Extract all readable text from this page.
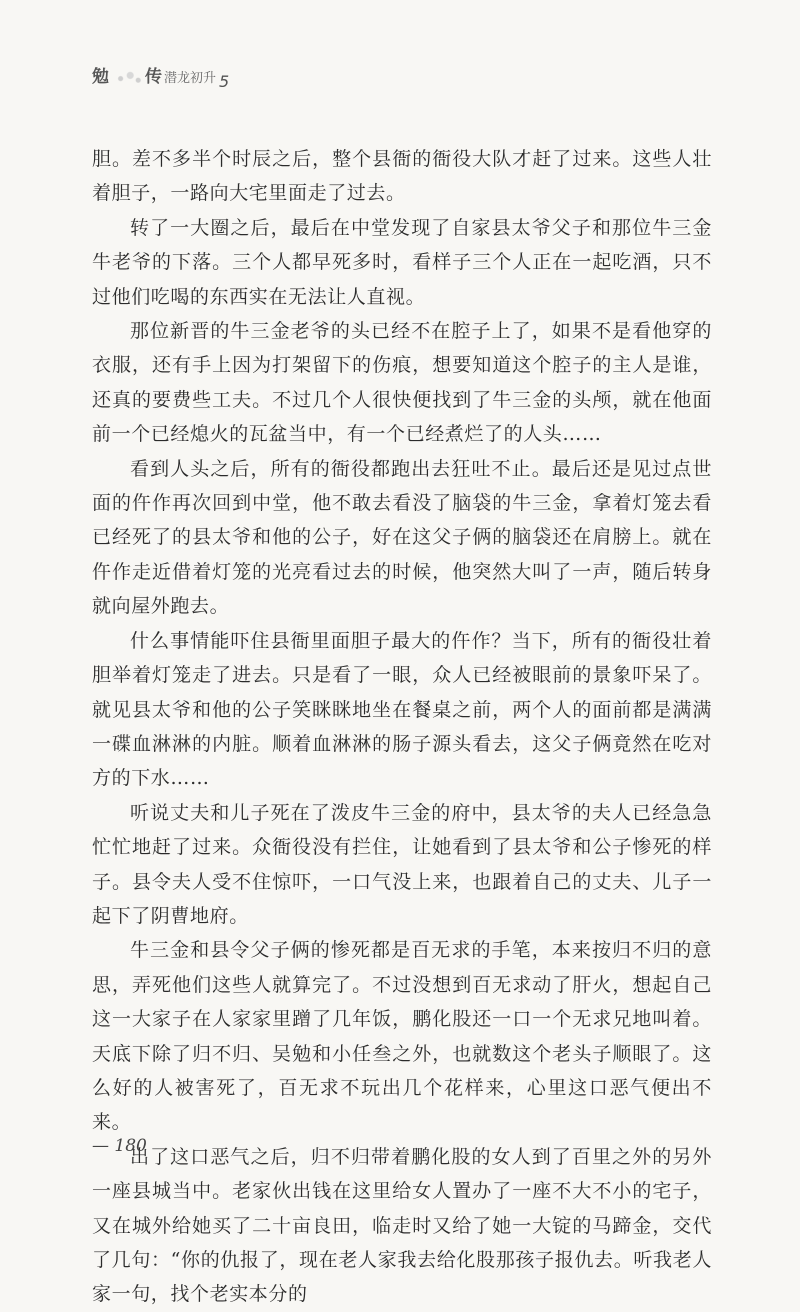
勉 传 潜龙初升 5

胆。差不多半个时辰之后，整个县衙的衙役大队才赶了过来。这些人壮着胆子，一路向大宅里面走了过去。

转了一大圈之后，最后在中堂发现了自家县太爷父子和那位牛三金牛老爷的下落。三个人都早死多时，看样子三个人正在一起吃酒，只不过他们吃喝的东西实在无法让人直视。

那位新晋的牛三金老爷的头已经不在腔子上了，如果不是看他穿的衣服，还有手上因为打架留下的伤痕，想要知道这个腔子的主人是谁，还真的要费些工夫。不过几个人很快便找到了牛三金的头颅，就在他面前一个已经熄火的瓦盆当中，有一个已经煮烂了的人头……

看到人头之后，所有的衙役都跑出去狂吐不止。最后还是见过点世面的仵作再次回到中堂，他不敢去看没了脑袋的牛三金，拿着灯笼去看已经死了的县太爷和他的公子，好在这父子俩的脑袋还在肩膀上。就在仵作走近借着灯笼的光亮看过去的时候，他突然大叫了一声，随后转身就向屋外跑去。

什么事情能吓住县衙里面胆子最大的仵作？当下，所有的衙役壮着胆举着灯笼走了进去。只是看了一眼，众人已经被眼前的景象吓呆了。就见县太爷和他的公子笑眯眯地坐在餐桌之前，两个人的面前都是满满一碟血淋淋的内脏。顺着血淋淋的肠子源头看去，这父子俩竟然在吃对方的下水……

听说丈夫和儿子死在了泼皮牛三金的府中，县太爷的夫人已经急急忙忙地赶了过来。众衙役没有拦住，让她看到了县太爷和公子惨死的样子。县令夫人受不住惊吓，一口气没上来，也跟着自己的丈夫、儿子一起下了阴曹地府。

牛三金和县令父子俩的惨死都是百无求的手笔，本来按归不归的意思，弄死他们这些人就算完了。不过没想到百无求动了肝火，想起自己这一大家子在人家家里蹭了几年饭，鹏化股还一口一个无求兄地叫着。天底下除了归不归、吴勉和小任叁之外，也就数这个老头子顺眼了。这么好的人被害死了，百无求不玩出几个花样来，心里这口恶气便出不来。

出了这口恶气之后，归不归带着鹏化股的女人到了百里之外的另外一座县城当中。老家伙出钱在这里给女人置办了一座不大不小的宅子，又在城外给她买了二十亩良田，临走时又给了她一大锭的马蹄金，交代了几句：“你的仇报了，现在老人家我去给化股那孩子报仇去。听我老人家一句，找个老实本分的

— 180
